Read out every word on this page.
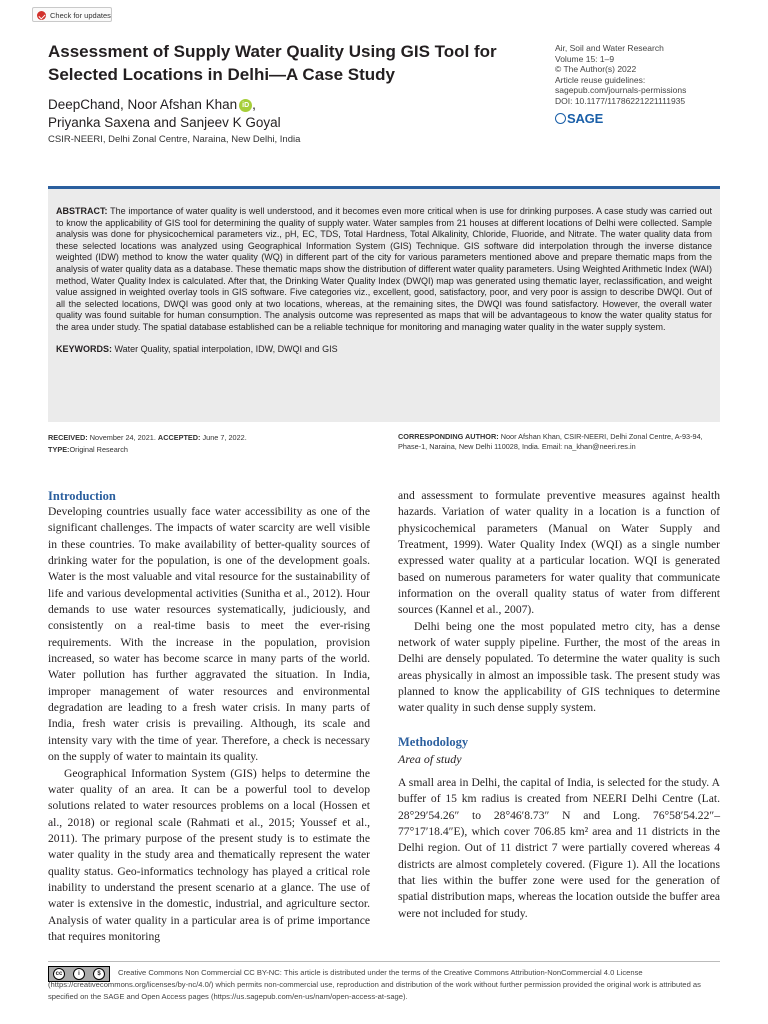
Check for updates
Assessment of Supply Water Quality Using GIS Tool for Selected Locations in Delhi—A Case Study
DeepChand, Noor Afshan Khan iD ,
Priyanka Saxena and Sanjeev K Goyal
CSIR-NEERI, Delhi Zonal Centre, Naraina, New Delhi, India
Air, Soil and Water Research
Volume 15: 1–9
© The Author(s) 2022
Article reuse guidelines:
sagepub.com/journals-permissions
DOI: 10.1177/11786221221111935
SAGE
ABSTRACT: The importance of water quality is well understood, and it becomes even more critical when is use for drinking purposes. A case study was carried out to know the applicability of GIS tool for determining the quality of supply water. Water samples from 21 houses at different locations of Delhi were collected. Sample analysis was done for physicochemical parameters viz., pH, EC, TDS, Total Hardness, Total Alkalinity, Chloride, Fluoride, and Nitrate. The water quality data from these selected locations was analyzed using Geographical Information System (GIS) Technique. GIS software did interpolation through the inverse distance weighted (IDW) method to know the water quality (WQ) in different part of the city for various parameters mentioned above and prepare thematic maps from the analysis of water quality data as a database. These thematic maps show the distribution of different water quality parameters. Using Weighted Arithmetic Index (WAI) method, Water Quality Index is calculated. After that, the Drinking Water Quality Index (DWQI) map was generated using thematic layer, reclassification, and weight value assigned in weighted overlay tools in GIS software. Five categories viz., excellent, good, satisfactory, poor, and very poor is assign to describe DWQI. Out of all the selected locations, DWQI was good only at two locations, whereas, at the remaining sites, the DWQI was found satisfactory. However, the overall water quality was found suitable for human consumption. The analysis outcome was represented as maps that will be advantageous to know the water quality status for the area under study. The spatial database established can be a reliable technique for monitoring and managing water quality in the water supply system.
KEYWORDS: Water Quality, spatial interpolation, IDW, DWQI and GIS
RECEIVED: November 24, 2021. ACCEPTED: June 7, 2022.
TYPE:Original Research
CORRESPONDING AUTHOR: Noor Afshan Khan, CSIR-NEERI, Delhi Zonal Centre, A-93-94, Phase-1, Naraina, New Delhi 110028, India. Email: na_khan@neeri.res.in
Introduction

Developing countries usually face water accessibility as one of the significant challenges. The impacts of water scarcity are well visible in these countries. To make availability of better-quality sources of drinking water for the population, is one of the development goals. Water is the most valuable and vital resource for the sustainability of life and various developmental activities (Sunitha et al., 2012). Hour demands to use water resources systematically, judiciously, and consistently on a real-time basis to meet the ever-rising requirements. With the increase in the population, provision increased, so water has become scarce in many parts of the world. Water pollution has further aggravated the situation. In India, improper management of water resources and environmental degradation are leading to a fresh water crisis. In many parts of India, fresh water crisis is prevailing. Although, its scale and intensity vary with the time of year. Therefore, a check is necessary on the supply of water to maintain its quality.

Geographical Information System (GIS) helps to determine the water quality of an area. It can be a powerful tool to develop solutions related to water resources problems on a local (Hossen et al., 2018) or regional scale (Rahmati et al., 2015; Youssef et al., 2011). The primary purpose of the present study is to estimate the water quality in the study area and thematically represent the water quality status. Geo-informatics technology has played a critical role inability to understand the present scenario at a glance. The use of water is extensive in the domestic, industrial, and agriculture sector. Analysis of water quality in a particular area is of prime importance that requires monitoring

and assessment to formulate preventive measures against health hazards. Variation of water quality in a location is a function of physicochemical parameters (Manual on Water Supply and Treatment, 1999). Water Quality Index (WQI) as a single number expressed water quality at a particular location. WQI is generated based on numerous parameters for water quality that communicate information on the overall quality status of water from different sources (Kannel et al., 2007).

Delhi being one the most populated metro city, has a dense network of water supply pipeline. Further, the most of the areas in Delhi are densely populated. To determine the water quality is such areas physically in almost an impossible task. The present study was planned to know the applicability of GIS techniques to determine water quality in such dense supply system.

Methodology
Area of study

A small area in Delhi, the capital of India, is selected for the study. A buffer of 15 km radius is created from NEERI Delhi Centre (Lat. 28°29′54.26″ to 28°46′8.73″ N and Long. 76°58′54.22″–77°17′18.4″E), which cover 706.85 km² area and 11 districts in the Delhi region. Out of 11 district 7 were partially covered whereas 4 districts are almost completely covered. (Figure 1). All the locations that lies within the buffer zone were used for the generation of spatial distribution maps, whereas the location outside the buffer area were not included for study.

cc	i	$	Creative Commons Non Commercial CC BY-NC: This article is distributed under the terms of the Creative Commons Attribution-NonCommercial 4.0 License (https://creativecommons.org/licenses/by-nc/4.0/) which permits non-commercial use, reproduction and distribution of the work without further permission provided the original work is attributed as specified on the SAGE and Open Access pages (https://us.sagepub.com/en-us/nam/open-access-at-sage).
